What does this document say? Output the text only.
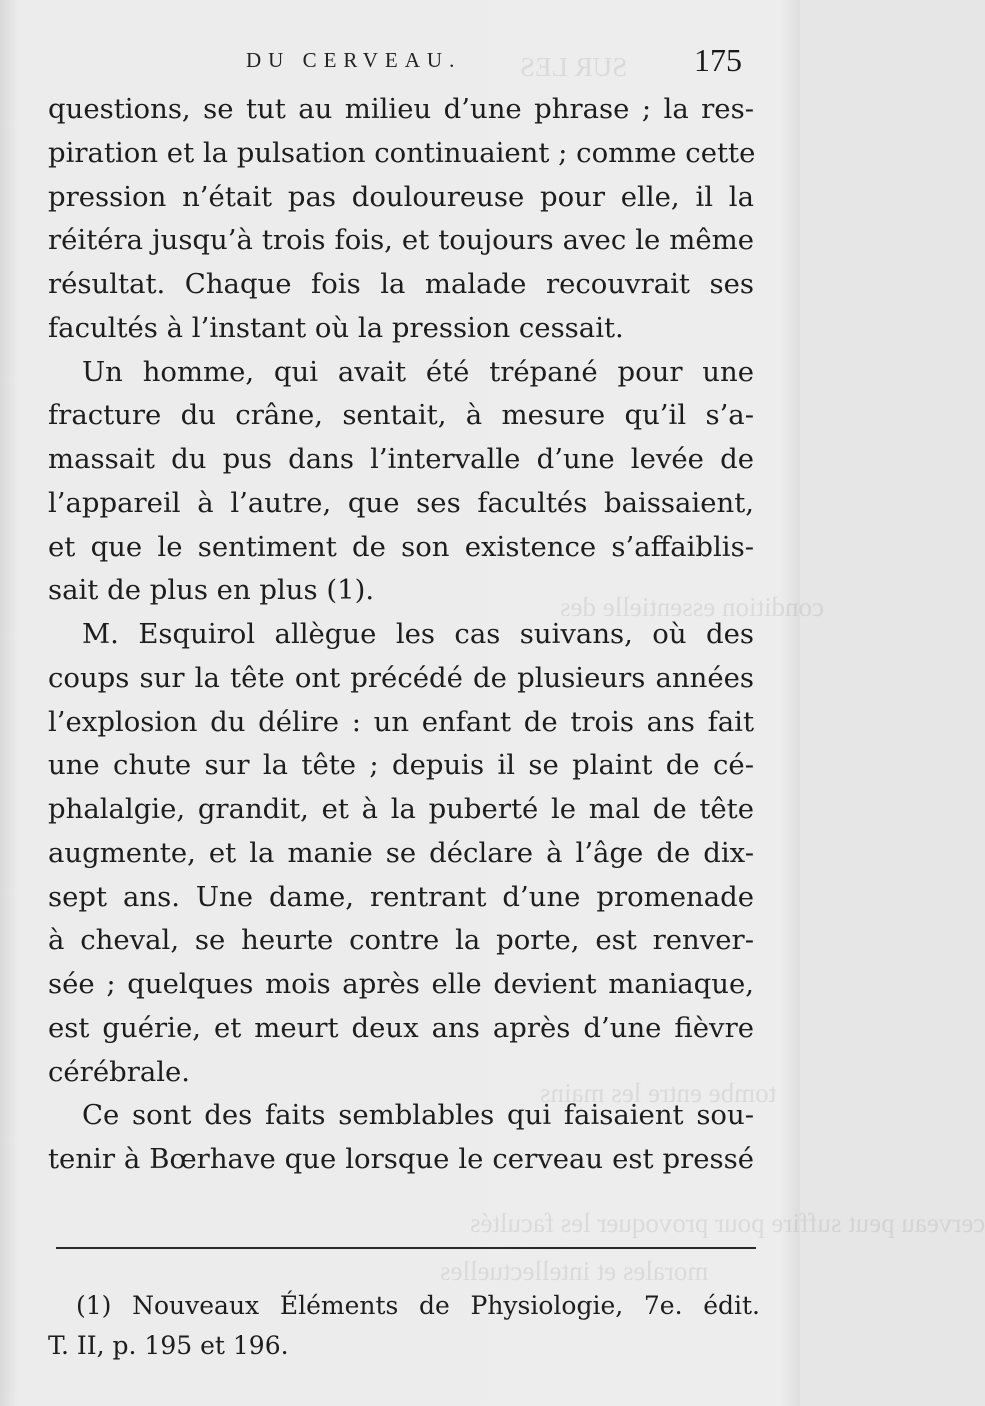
SUR LES
condition essentielle des
tombe entre les mains
cerveau peut suffire pour provoquer les facultés
morales et intellectuelles
DU CERVEAU.	175
questions, se tut au milieu d’une phrase ; la res-
piration et la pulsation continuaient ; comme cette
pression n’était pas douloureuse pour elle, il la
réitéra jusqu’à trois fois, et toujours avec le même
résultat. Chaque fois la malade recouvrait ses
facultés à l’instant où la pression cessait.
Un homme, qui avait été trépané pour une
fracture du crâne, sentait, à mesure qu’il s’a-
massait du pus dans l’intervalle d’une levée de
l’appareil à l’autre, que ses facultés baissaient,
et que le sentiment de son existence s’affaiblis-
sait de plus en plus (1).
M. Esquirol allègue les cas suivans, où des
coups sur la tête ont précédé de plusieurs années
l’explosion du délire : un enfant de trois ans fait
une chute sur la tête ; depuis il se plaint de cé-
phalalgie, grandit, et à la puberté le mal de tête
augmente, et la manie se déclare à l’âge de dix-
sept ans. Une dame, rentrant d’une promenade
à cheval, se heurte contre la porte, est renver-
sée ; quelques mois après elle devient maniaque,
est guérie, et meurt deux ans après d’une fièvre
cérébrale.
Ce sont des faits semblables qui faisaient sou-
tenir à Bœrhave que lorsque le cerveau est pressé
(1) Nouveaux Éléments de Physiologie, 7e. édit.
T. II, p. 195 et 196.
